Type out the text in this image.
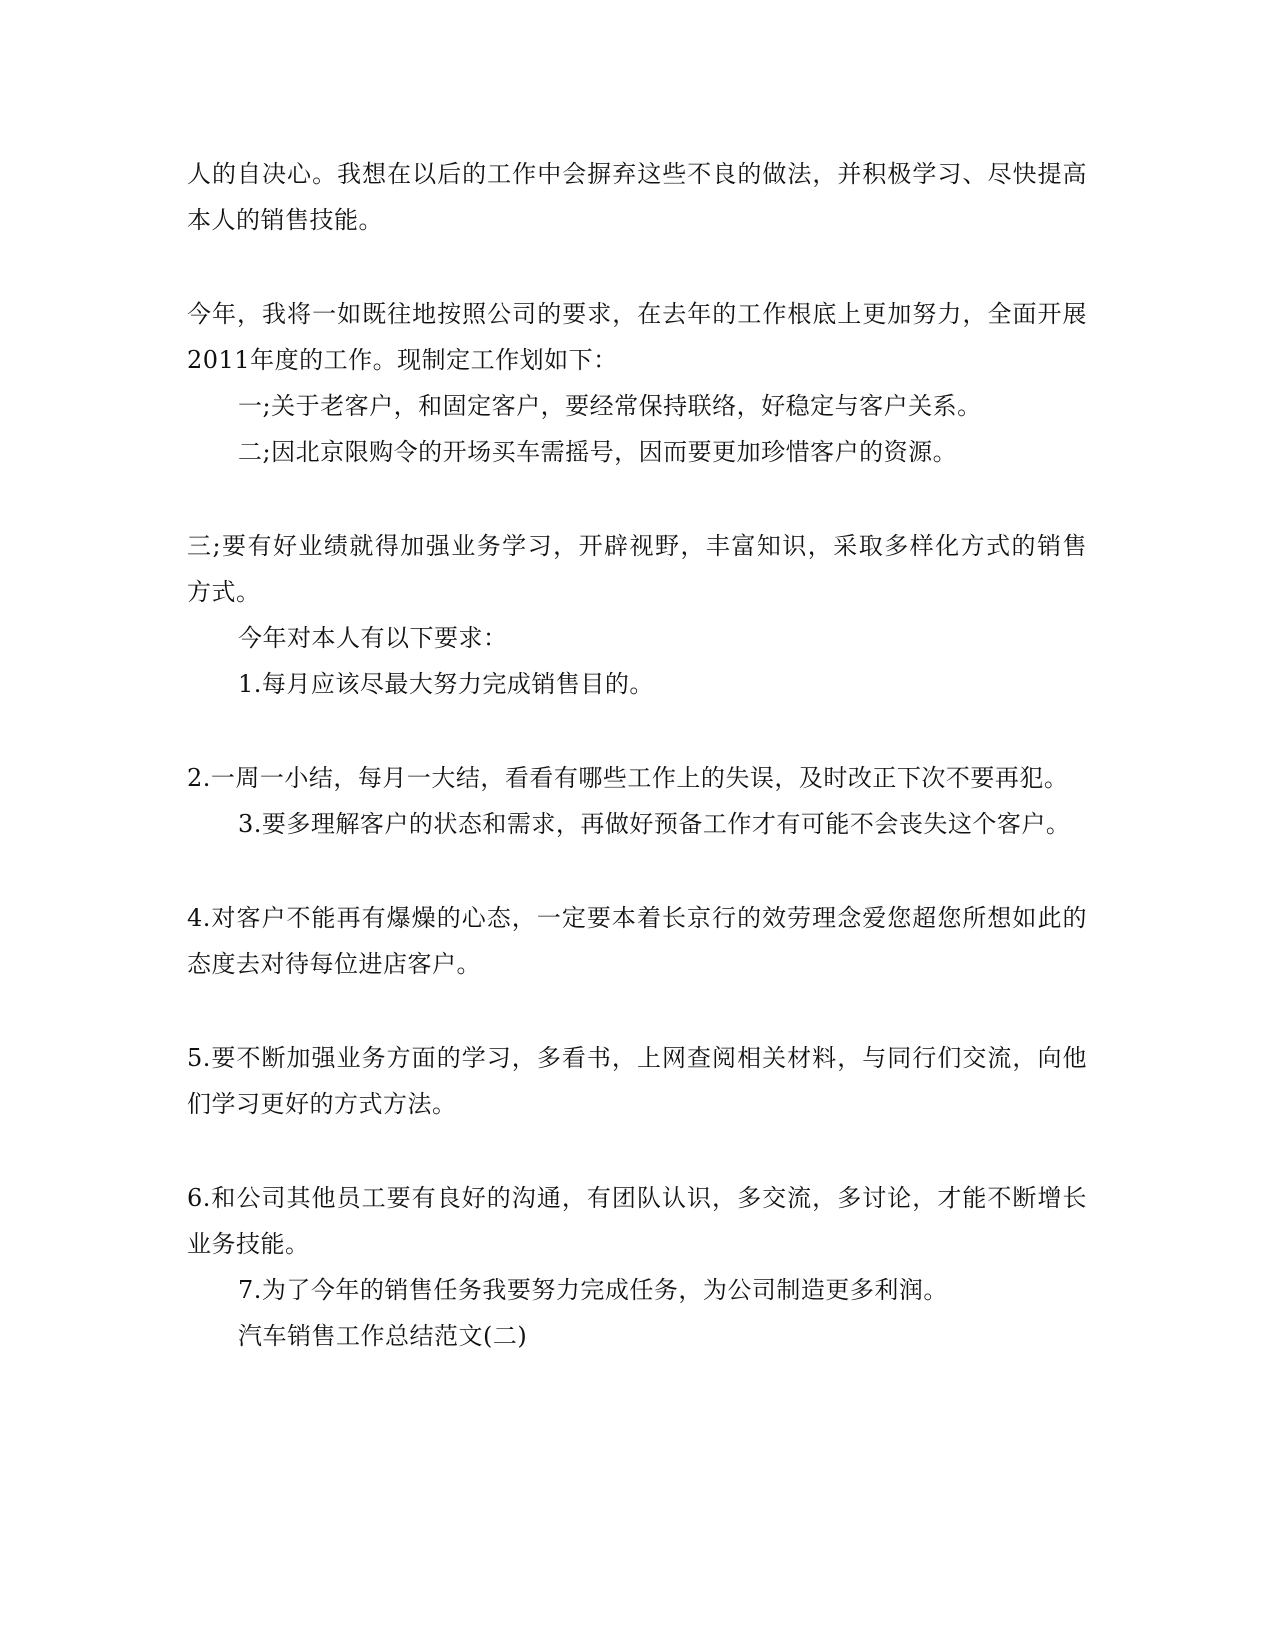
人的自决心。我想在以后的工作中会摒弃这些不良的做法，并积极学习、尽快提高
本人的销售技能。
今年，我将一如既往地按照公司的要求，在去年的工作根底上更加努力，全面开展
2011年度的工作。现制定工作划如下：
一;关于老客户，和固定客户，要经常保持联络，好稳定与客户关系。
二;因北京限购令的开场买车需摇号，因而要更加珍惜客户的资源。
三;要有好业绩就得加强业务学习，开辟视野，丰富知识，采取多样化方式的销售
方式。
今年对本人有以下要求：
1.每月应该尽最大努力完成销售目的。
2.一周一小结，每月一大结，看看有哪些工作上的失误，及时改正下次不要再犯。
3.要多理解客户的状态和需求，再做好预备工作才有可能不会丧失这个客户。
4.对客户不能再有爆燥的心态，一定要本着长京行的效劳理念爱您超您所想如此的
态度去对待每位进店客户。
5.要不断加强业务方面的学习，多看书，上网查阅相关材料，与同行们交流，向他
们学习更好的方式方法。
6.和公司其他员工要有良好的沟通，有团队认识，多交流，多讨论，才能不断增长
业务技能。
7.为了今年的销售任务我要努力完成任务，为公司制造更多利润。
汽车销售工作总结范文(二)
